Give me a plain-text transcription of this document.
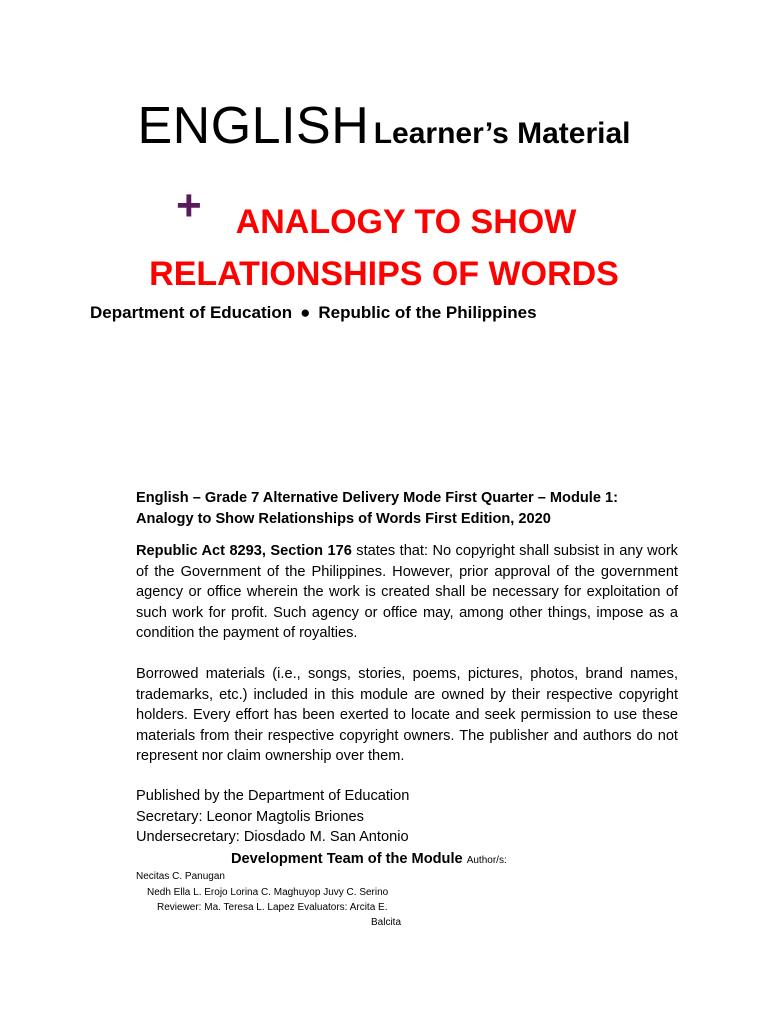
ENGLISH Learner’s Material
+ ANALOGY TO SHOW
RELATIONSHIPS OF WORDS
Department of Education ● Republic of the Philippines
English – Grade 7 Alternative Delivery Mode First Quarter – Module 1:
Analogy to Show Relationships of Words First Edition, 2020
Republic Act 8293, Section 176 states that: No copyright shall subsist in any work of the Government of the Philippines. However, prior approval of the government agency or office wherein the work is created shall be necessary for exploitation of such work for profit. Such agency or office may, among other things, impose as a condition the payment of royalties.
Borrowed materials (i.e., songs, stories, poems, pictures, photos, brand names, trademarks, etc.) included in this module are owned by their respective copyright holders. Every effort has been exerted to locate and seek permission to use these materials from their respective copyright owners. The publisher and authors do not represent nor claim ownership over them.
Published by the Department of Education
Secretary: Leonor Magtolis Briones
Undersecretary: Diosdado M. San Antonio
Development Team of the Module Author/s:
Necitas C. Panugan
Nedh Ella L. Erojo Lorina C. Maghuyop Juvy C. Serino
Reviewer: Ma. Teresa L. Lapez Evaluators: Arcita E.
Balcita
